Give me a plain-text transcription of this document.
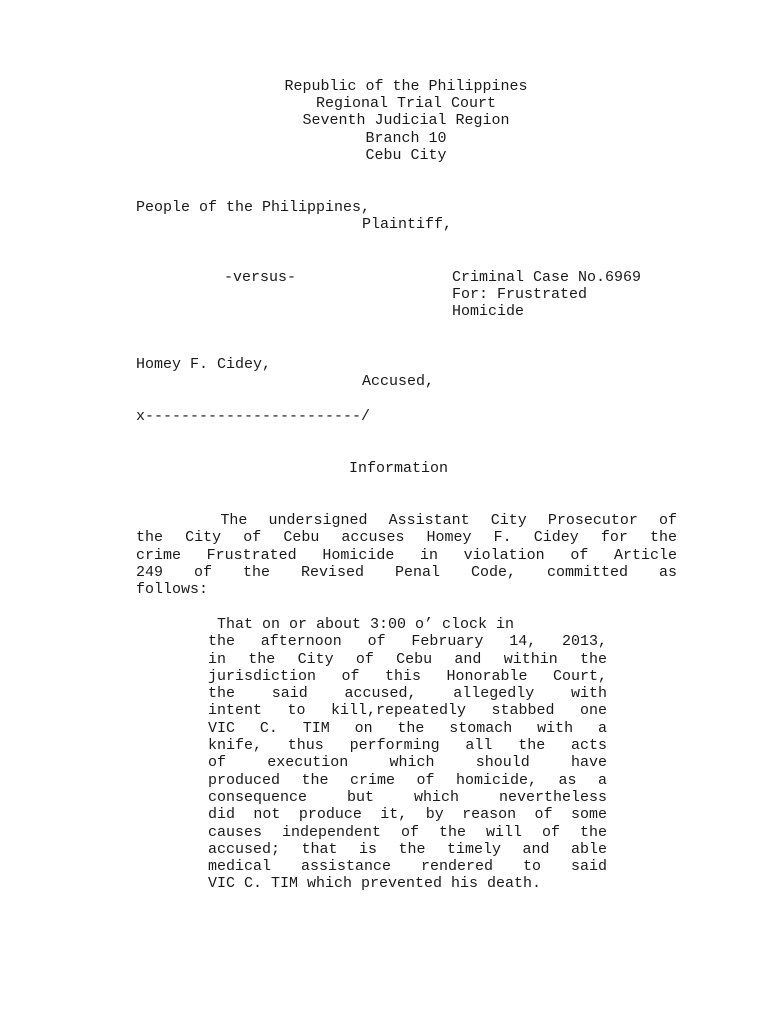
Republic of the Philippines
Regional Trial Court
Seventh Judicial Region
Branch 10
Cebu City
People of the Philippines,
Plaintiff,
-versus-	Criminal Case No.6969
For: Frustrated
Homicide
Homey F. Cidey,
Accused,
x------------------------/
Information
The undersigned Assistant City Prosecutor of
the City of Cebu accuses Homey F. Cidey for the
crime Frustrated Homicide in violation of Article
249 of the Revised Penal Code, committed as
follows:
That on or about 3:00 o’ clock in
the afternoon of February 14, 2013,
in the City of Cebu and within the
jurisdiction of this Honorable Court,
the said accused, allegedly with
intent to kill,repeatedly stabbed one
VIC C. TIM on the stomach with a
knife, thus performing all the acts
of execution which should have
produced the crime of homicide, as a
consequence but which nevertheless
did not produce it, by reason of some
causes independent of the will of the
accused; that is the timely and able
medical assistance rendered to said
VIC C. TIM which prevented his death.
